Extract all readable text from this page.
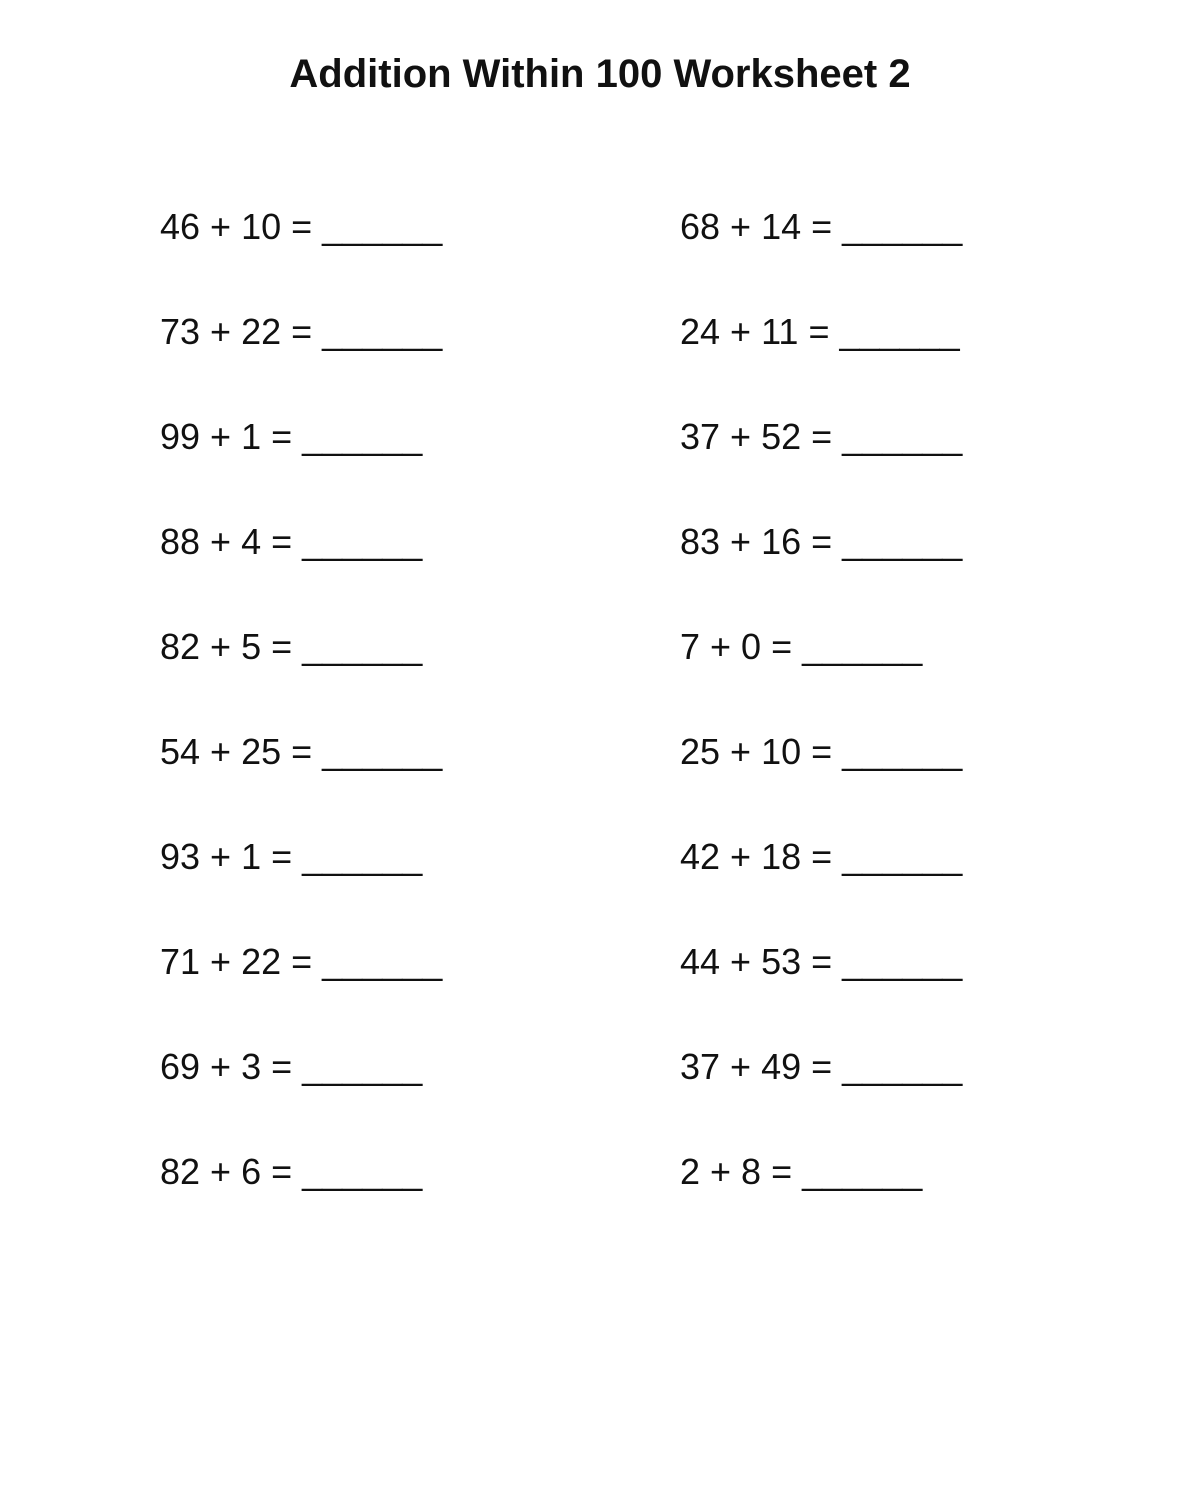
Addition Within 100 Worksheet 2
46 + 10 = ______	68 + 14 = ______
73 + 22 = ______	24 + 11 = ______
99 + 1 = ______	37 + 52 = ______
88 + 4 = ______	83 + 16 = ______
82 + 5 = ______	7 + 0 = ______
54 + 25 = ______	25 + 10 = ______
93 + 1 = ______	42 + 18 = ______
71 + 22 = ______	44 + 53 = ______
69 + 3 = ______	37 + 49 = ______
82 + 6 = ______	2 + 8 = ______
